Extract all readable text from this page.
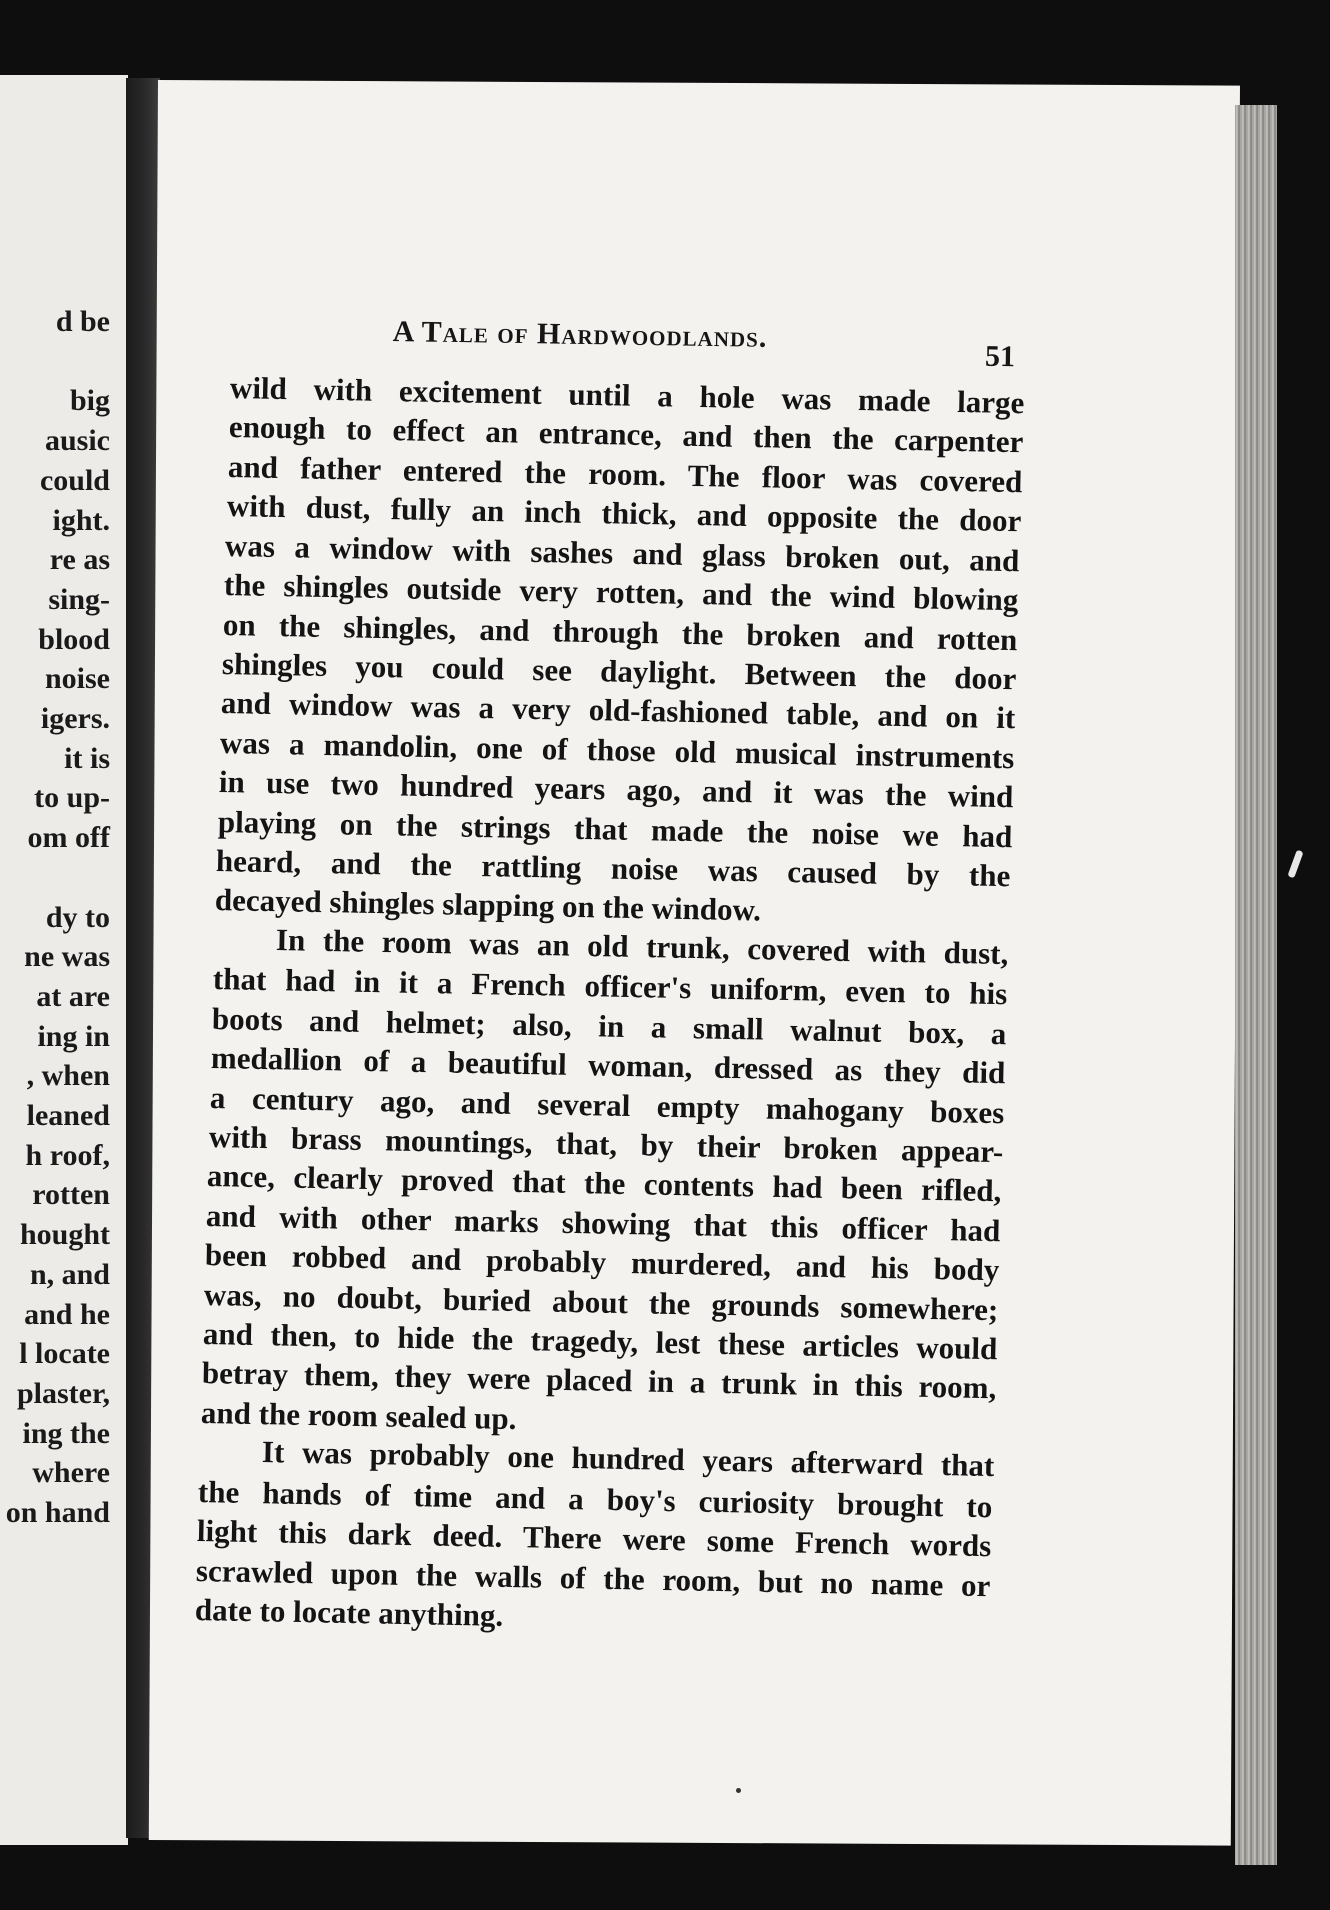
d be
big
ausic
could
ight.
re as
sing-
blood
noise
igers.
it is
to up-
om off
dy to
ne was
at are
ing in
, when
leaned
h roof,
rotten
hought
n, and
and he
l locate
plaster,
ing the
where
on hand
A Tale of Hardwoodlands.
51
wild with excitement until a hole was made large
enough to effect an entrance, and then the carpenter
and father entered the room. The floor was covered
with dust, fully an inch thick, and opposite the door
was a window with sashes and glass broken out, and
the shingles outside very rotten, and the wind blowing
on the shingles, and through the broken and rotten
shingles you could see daylight. Between the door
and window was a very old-fashioned table, and on it
was a mandolin, one of those old musical instruments
in use two hundred years ago, and it was the wind
playing on the strings that made the noise we had
heard, and the rattling noise was caused by the
decayed shingles slapping on the window.
In the room was an old trunk, covered with dust,
that had in it a French officer's uniform, even to his
boots and helmet; also, in a small walnut box, a
medallion of a beautiful woman, dressed as they did
a century ago, and several empty mahogany boxes
with brass mountings, that, by their broken appear-
ance, clearly proved that the contents had been rifled,
and with other marks showing that this officer had
been robbed and probably murdered, and his body
was, no doubt, buried about the grounds somewhere;
and then, to hide the tragedy, lest these articles would
betray them, they were placed in a trunk in this room,
and the room sealed up.
It was probably one hundred years afterward that
the hands of time and a boy's curiosity brought to
light this dark deed. There were some French words
scrawled upon the walls of the room, but no name or
date to locate anything.
